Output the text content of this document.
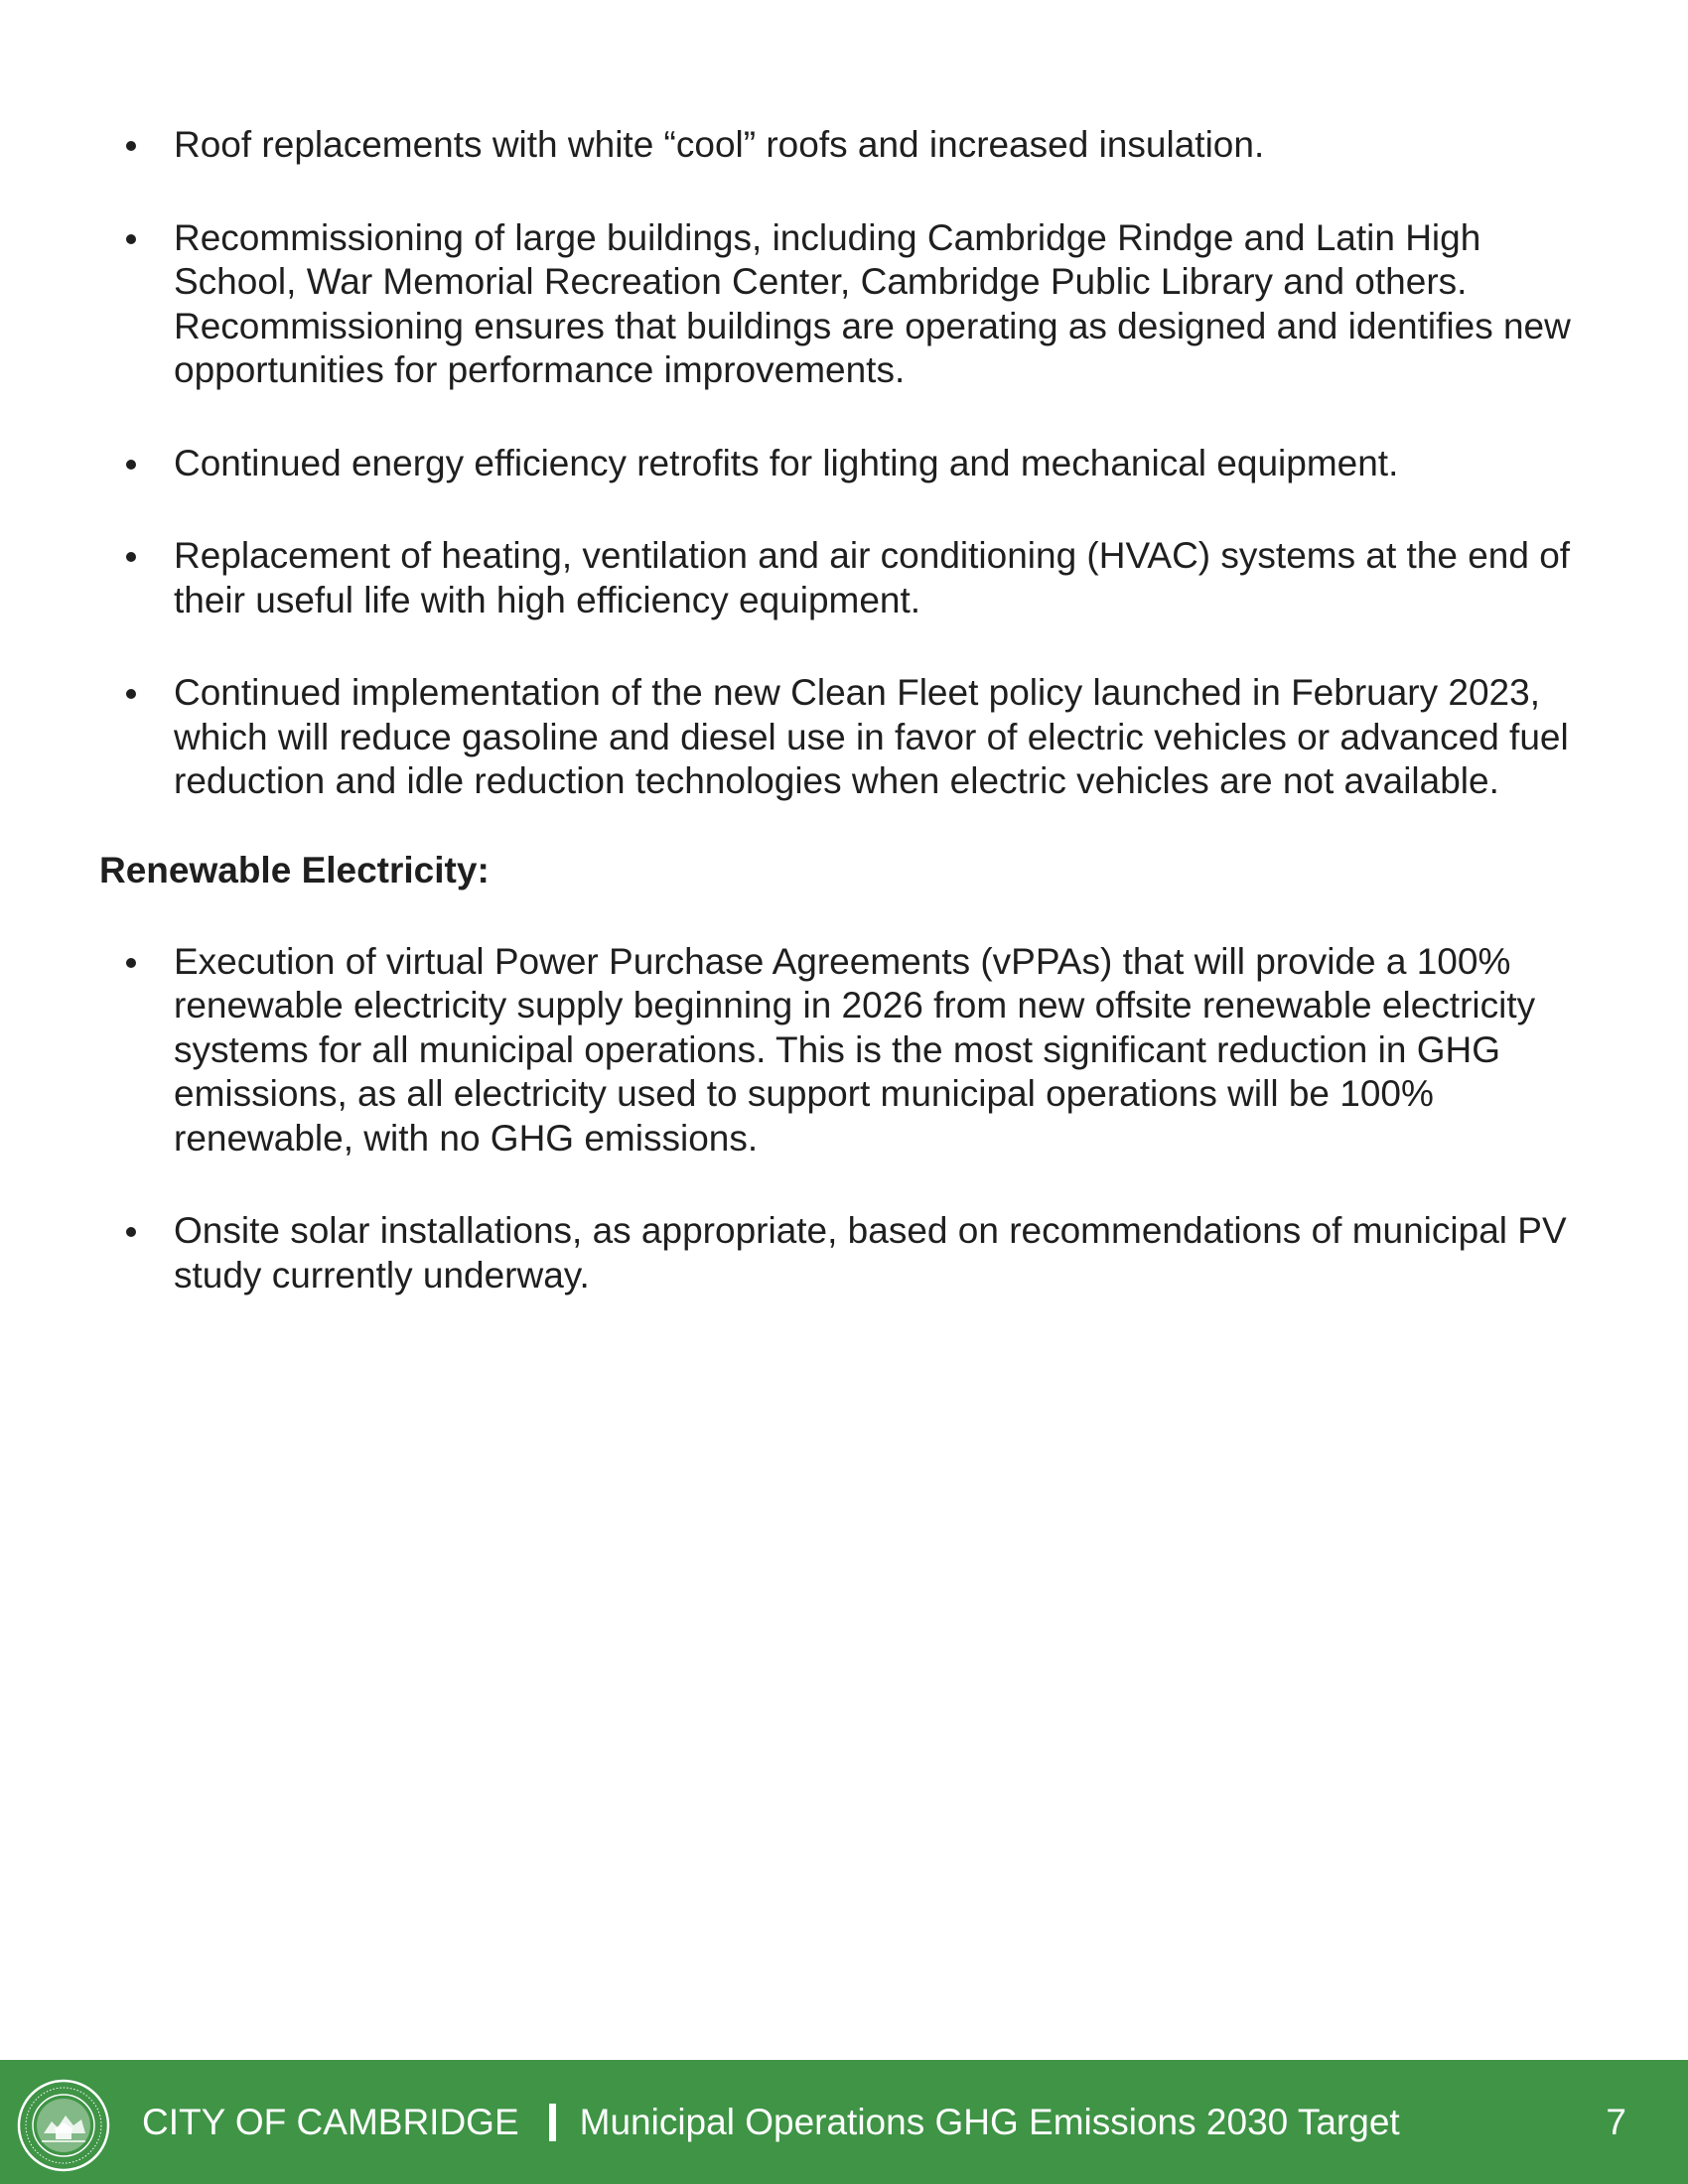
Roof replacements with white “cool” roofs and increased insulation.
Recommissioning of large buildings, including Cambridge Rindge and Latin High School, War Memorial Recreation Center, Cambridge Public Library and others. Recommissioning ensures that buildings are operating as designed and identifies new opportunities for performance improvements.
Continued energy efficiency retrofits for lighting and mechanical equipment.
Replacement of heating, ventilation and air conditioning (HVAC) systems at the end of their useful life with high efficiency equipment.
Continued implementation of the new Clean Fleet policy launched in February 2023, which will reduce gasoline and diesel use in favor of electric vehicles or advanced fuel reduction and idle reduction technologies when electric vehicles are not available.
Renewable Electricity:
Execution of virtual Power Purchase Agreements (vPPAs) that will provide a 100% renewable electricity supply beginning in 2026 from new offsite renewable electricity systems for all municipal operations. This is the most significant reduction in GHG emissions, as all electricity used to support municipal operations will be 100% renewable, with no GHG emissions.
Onsite solar installations, as appropriate, based on recommendations of municipal PV study currently underway.
CITY OF CAMBRIDGE Municipal Operations GHG Emissions 2030 Target	7
